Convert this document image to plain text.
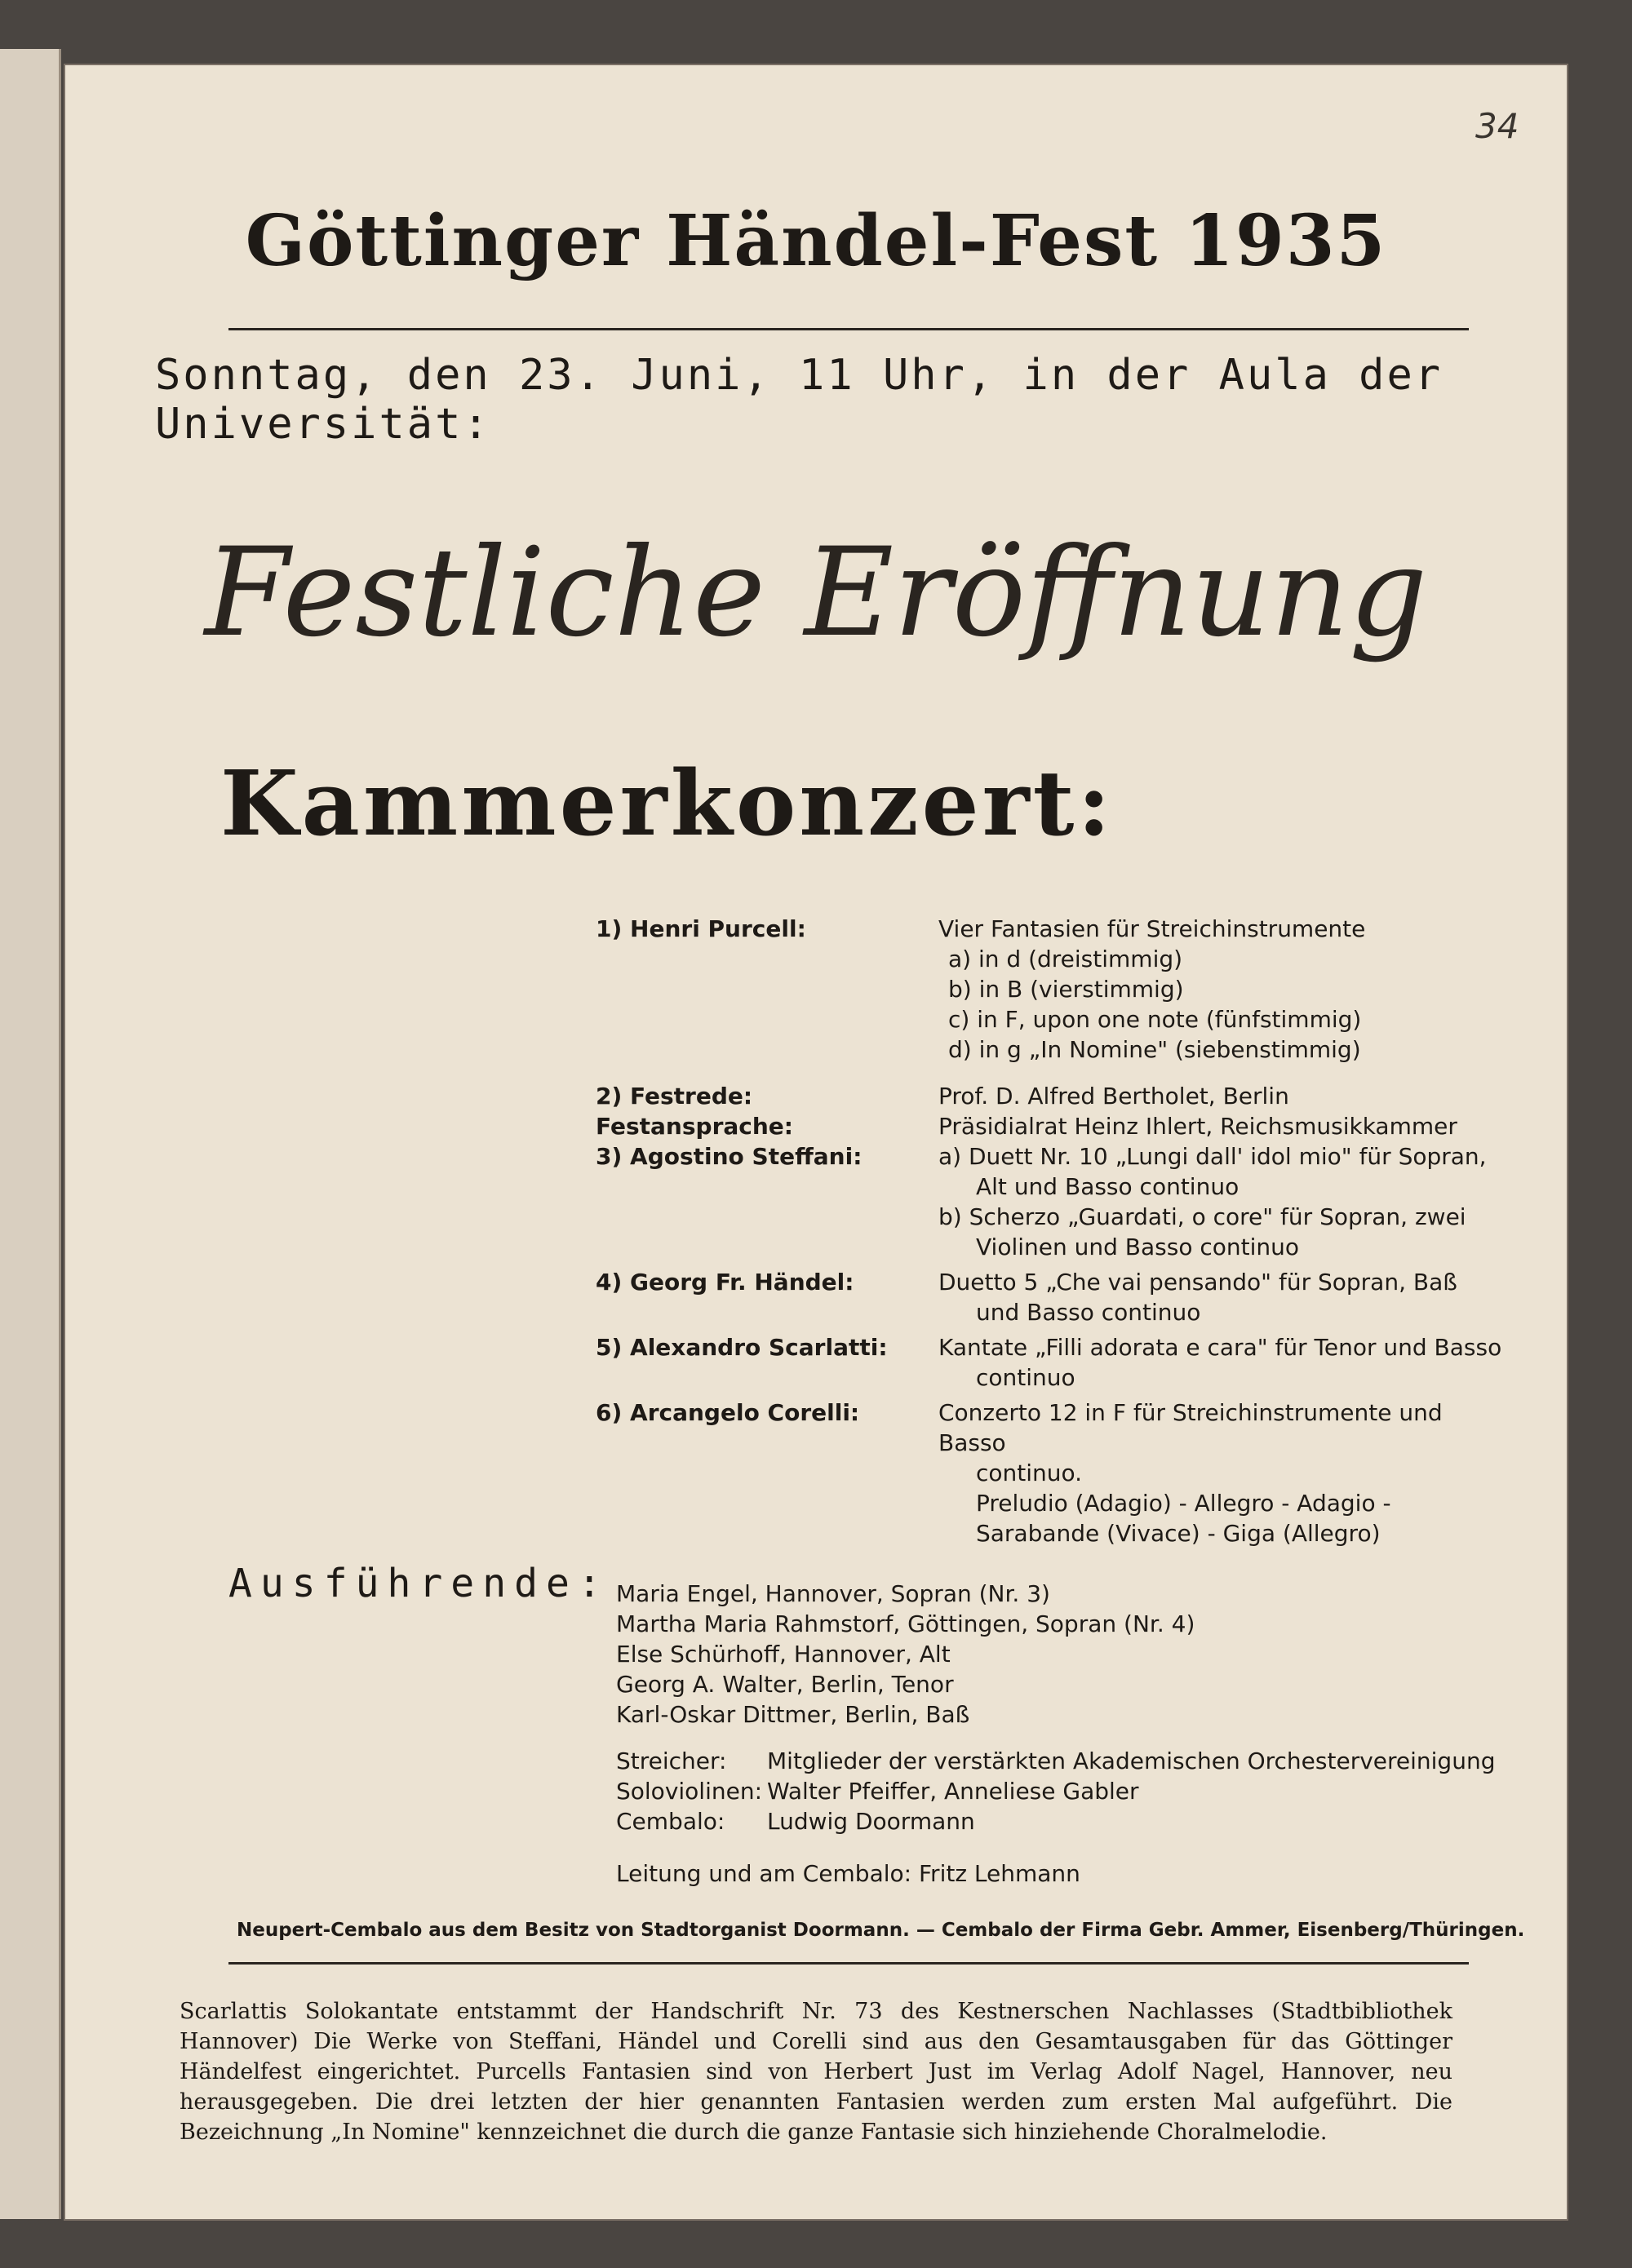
34
Göttinger Händel-Fest 1935
Sonntag, den 23. Juni, 11 Uhr, in der Aula der Universität:
Festliche Eröffnung
Kammerkonzert:
1) Henri Purcell:	Vier Fantasien für Streichinstrumente
a) in d (dreistimmig)
b) in B (vierstimmig)
c) in F, upon one note (fünfstimmig)
d) in g „In Nomine" (siebenstimmig)
2) Festrede:	Prof. D. Alfred Bertholet, Berlin
Festansprache:	Präsidialrat Heinz Ihlert, Reichsmusikkammer
3) Agostino Steffani:	a) Duett Nr. 10 „Lungi dall' idol mio" für Sopran,
Alt und Basso continuo
b) Scherzo „Guardati, o core" für Sopran, zwei
Violinen und Basso continuo
4) Georg Fr. Händel:	Duetto 5 „Che vai pensando" für Sopran, Baß
und Basso continuo
5) Alexandro Scarlatti:	Kantate „Filli adorata e cara" für Tenor und Basso
continuo
6) Arcangelo Corelli:	Conzerto 12 in F für Streichinstrumente und Basso
continuo.
Preludio (Adagio) - Allegro - Adagio -
Sarabande (Vivace) - Giga (Allegro)
Ausführende: Maria Engel, Hannover, Sopran (Nr. 3)
Martha Maria Rahmstorf, Göttingen, Sopran (Nr. 4)
Else Schürhoff, Hannover, Alt
Georg A. Walter, Berlin, Tenor
Karl-Oskar Dittmer, Berlin, Baß
Streicher:	Mitglieder der verstärkten Akademischen Orchestervereinigung
Soloviolinen: Walter Pfeiffer, Anneliese Gabler
Cembalo:	Ludwig Doormann
Leitung und am Cembalo: Fritz Lehmann
Neupert-Cembalo aus dem Besitz von Stadtorganist Doormann. — Cembalo der Firma Gebr. Ammer, Eisenberg/Thüringen.
Scarlattis Solokantate entstammt der Handschrift Nr. 73 des Kestnerschen Nachlasses (Stadtbibliothek Hannover) Die Werke von Steffani, Händel und Corelli sind aus den Gesamtausgaben für das Göttinger Händelfest eingerichtet. Purcells Fantasien sind von Herbert Just im Verlag Adolf Nagel, Hannover, neu herausgegeben. Die drei letzten der hier genannten Fantasien werden zum ersten Mal aufgeführt. Die Bezeichnung „In Nomine" kennzeichnet die durch die ganze Fantasie sich hinziehende Choralmelodie.
